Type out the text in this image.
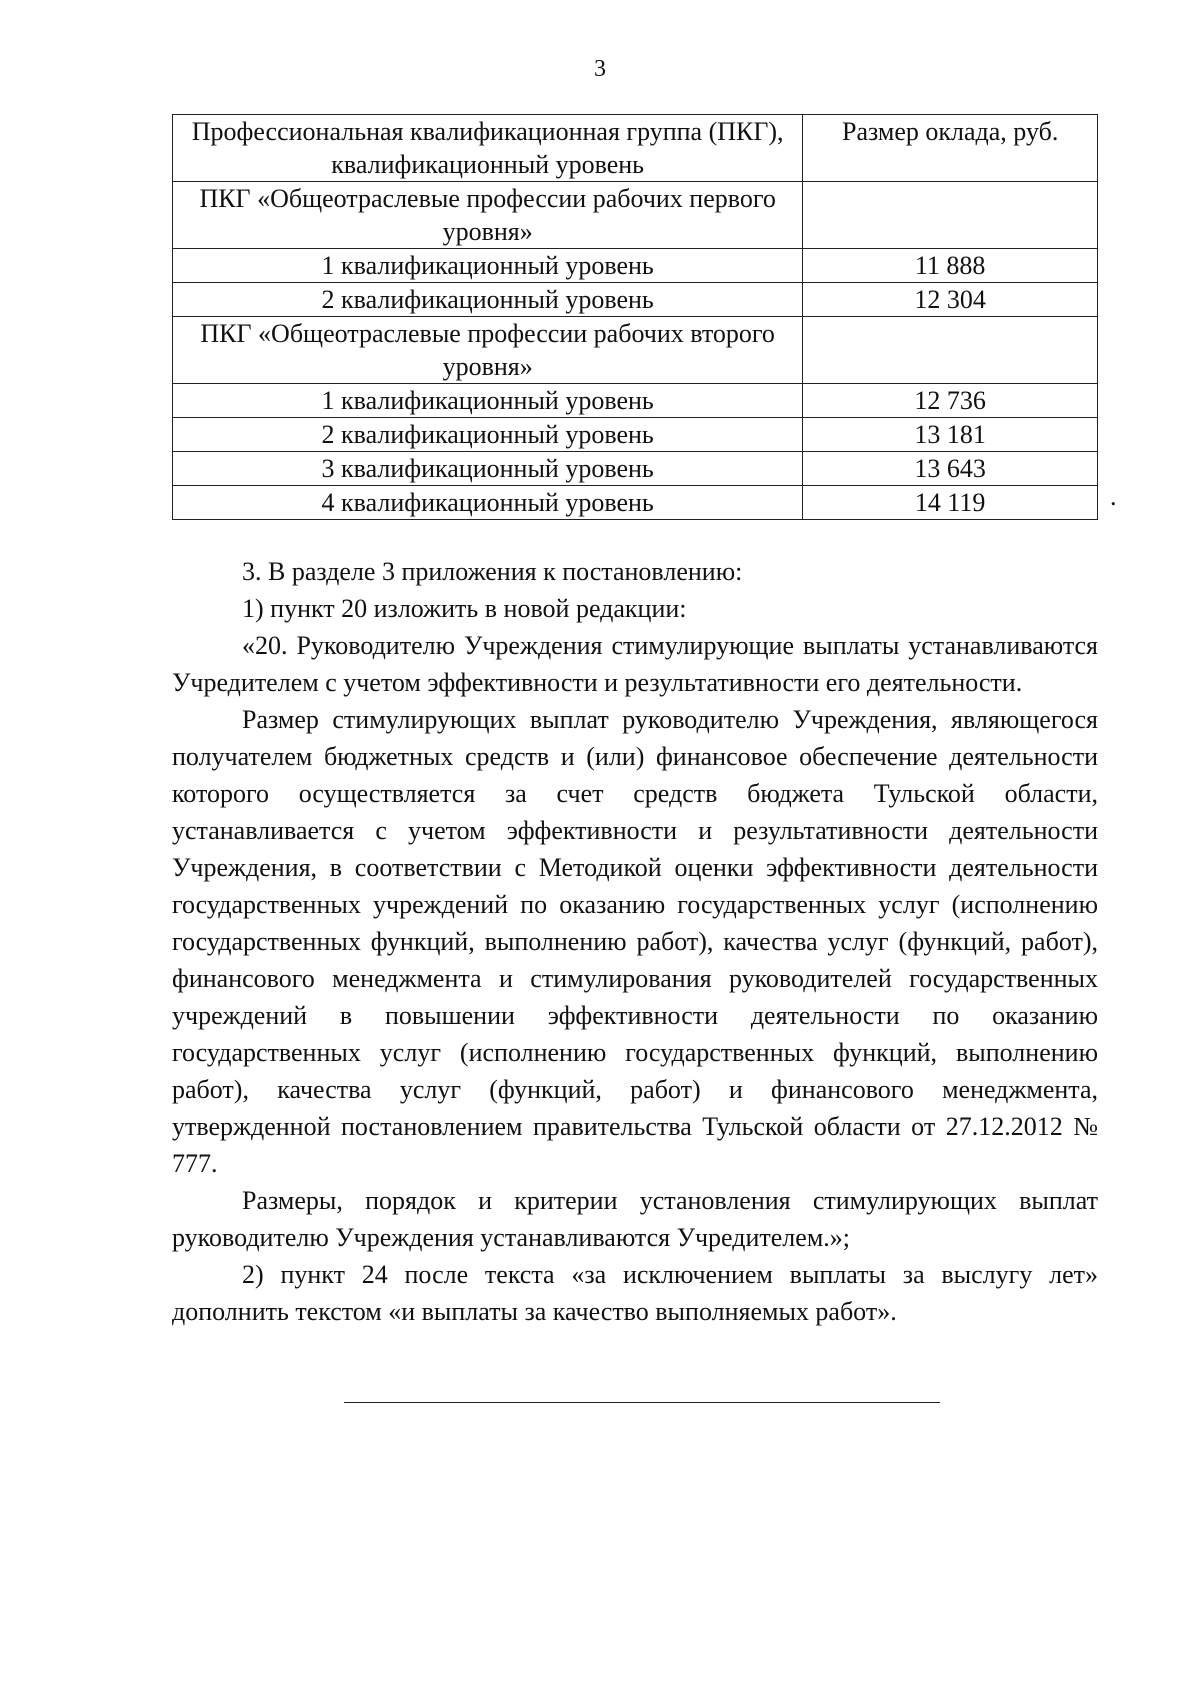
3
Профессиональная квалификационная группа (ПКГ), квалификационный уровень	Размер оклада, руб.
ПКГ «Общеотраслевые профессии рабочих первого уровня»	
1 квалификационный уровень	11 888
2 квалификационный уровень	12 304
ПКГ «Общеотраслевые профессии рабочих второго уровня»	
1 квалификационный уровень	12 736
2 квалификационный уровень	13 181
3 квалификационный уровень	13 643
4 квалификационный уровень	14 119	.

3. В разделе 3 приложения к постановлению:

1) пункт 20 изложить в новой редакции:

«20. Руководителю Учреждения стимулирующие выплаты устанавливаются Учредителем с учетом эффективности и результативности его деятельности.

Размер стимулирующих выплат руководителю Учреждения, являющегося получателем бюджетных средств и (или) финансовое обеспечение деятельности которого осуществляется за счет средств бюджета Тульской области, устанавливается с учетом эффективности и результативности деятельности Учреждения, в соответствии с Методикой оценки эффективности деятельности государственных учреждений по оказанию государственных услуг (исполнению государственных функций, выполнению работ), качества услуг (функций, работ), финансового менеджмента и стимулирования руководителей государственных учреждений в повышении эффективности деятельности по оказанию государственных услуг (исполнению государственных функций, выполнению работ), качества услуг (функций, работ) и финансового менеджмента, утвержденной постановлением правительства Тульской области от 27.12.2012 № 777.

Размеры, порядок и критерии установления стимулирующих выплат руководителю Учреждения устанавливаются Учредителем.»;

2) пункт 24 после текста «за исключением выплаты за выслугу лет» дополнить текстом «и выплаты за качество выполняемых работ».
